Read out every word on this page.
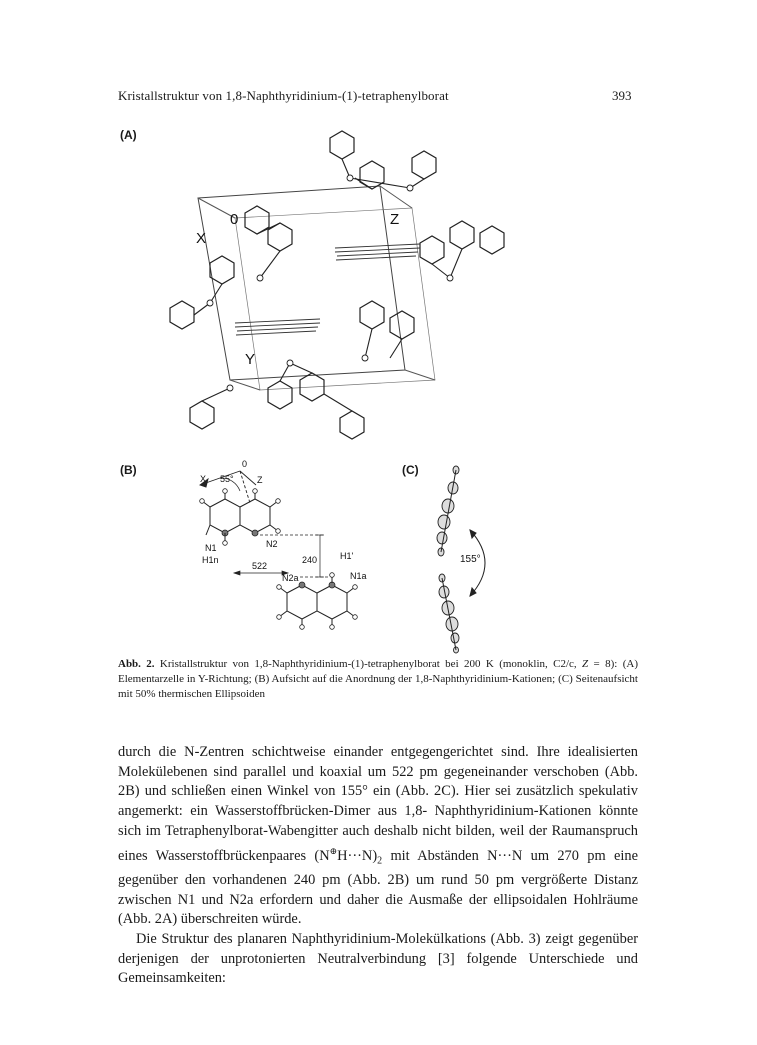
Kristallstruktur von 1,8-Naphthyridinium-(1)-tetraphenylborat	393
(A)
(B)	(C)
0
X
Z
Y
X
0
Z
55°
N1
H1n
N2
522
240	H1'
N2a	N1a
155°
Abb. 2. Kristallstruktur von 1,8-Naphthyridinium-(1)-tetraphenylborat bei 200 K (monoklin, C2/c, Z = 8): (A) Elementarzelle in Y-Richtung; (B) Aufsicht auf die Anordnung der 1,8-Naphthyridinium-Kationen; (C) Seitenaufsicht mit 50% thermischen Ellipsoiden

durch die N-Zentren schichtweise einander entgegengerichtet sind. Ihre idealisierten Molekülebenen sind parallel und koaxial um 522 pm gegeneinander verschoben (Abb. 2B) und schließen einen Winkel von 155° ein (Abb. 2C). Hier sei zusätzlich spekulativ angemerkt: ein Wasserstoffbrücken-Dimer aus 1,8- Naphthyridinium-Kationen könnte sich im Tetraphenylborat-Wabengitter auch deshalb nicht bilden, weil der Raumanspruch eines Wasserstoffbrückenpaares $(N^\oplus H\cdot\cdot\cdot N)_2$ mit Abständen N···N um 270 pm eine gegenüber den vorhandenen 240 pm (Abb. 2B) um rund 50 pm vergrößerte Distanz zwischen N1 und N2a erfordern und daher die Ausmaße der ellipsoidalen Hohlräume (Abb. 2A) überschreiten würde.

Die Struktur des planaren Naphthyridinium-Molekülkations (Abb. 3) zeigt gegenüber derjenigen der unprotonierten Neutralverbindung [3] folgende Unterschiede und Gemeinsamkeiten:
